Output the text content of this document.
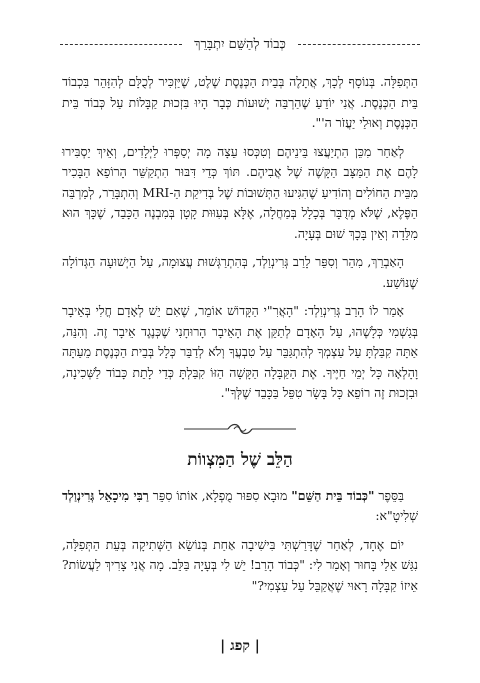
כְּבוֹד לְהַשֵּׁם יִתְבָּרֵךְ

הַתְּפִלָּה. בְּנוֹסָף לְכָךְ, אֲתָלֶה בְּבֵית הַכְּנֶסֶת שֶׁלֶט, שֶׁיַּזְכִּיר לְכֻלָּם לְהִזָּהֵר בִּכְבוֹד בֵּית הַכְּנֶסֶת. אֲנִי יוֹדֵעַ שֶׁהַרְבֵּה יְשׁוּעוֹת כְּבָר הָיוּ בִּזְכוּת קַבָּלוֹת עַל כְּבוֹד בֵּית הַכְּנֶסֶת וְאוּלַי יַעֲזֹר ה'".

לְאַחַר מִכֵּן הִתְיַעֲצוּ בֵּינֵיהֶם וְטִכְּסוּ עֵצָה מָה יְסַפְּרוּ לַיְּלָדִים, וְאֵיךְ יַסְבִּירוּ לָהֶם אֶת הַמַּצָּב הַקָּשֶׁה שֶׁל אֲבִיהֶם. תּוֹךְ כְּדֵי דִּבּוּר הִתְקַשֵּׁר הָרוֹפֵא הַבָּכִיר מִבֵּית הַחוֹלִים וְהוֹדִיעַ שֶׁהִגִּיעוּ הַתְּשׁוּבוֹת שֶׁל בְּדִיקַת הַ-MRI וְהִתְבָּרֵר, לְמַרְבֵּה הַפֶּלֶא, שֶׁלֹּא מְדֻבָּר בְּכָלָל בְּמַחֲלָה, אֶלָּא בְּעִוּוּת קָטָן בְּמִבְנֶה הַכָּבֵד, שֶׁכָּךְ הוּא מִלֵּדָה וְאֵין בָּכָךְ שׁוּם בְּעָיָה.

הָאַבְרֵךְ, מִהֵר וְסִפֵּר לָרַב גְּרִינְוַלְד, בְּהִתְרַגְּשׁוּת עֲצוּמָה, עַל הַיְשׁוּעָה הַגְּדוֹלָה שֶׁנּוֹשַׁע.

אָמַר לוֹ הָרַב גְּרִינְוַלְד: "הָאֲרִ"י הַקָּדוֹשׁ אוֹמֵר, שֶׁאִם יֵשׁ לְאָדָם חֳלִי בְּאֵיבָר בְּגַשְׁמִי כְּלָשֶׁהוּ, עַל הָאָדָם לְתַקֵּן אֶת הָאֵיבָר הָרוּחָנִי שֶׁכְּנֶגֶד אֵיבָר זֶה. וְהִנֵּה, אַתָּה קִבַּלְתָּ עַל עַצְמְךָ לְהִתְגַּבֵּר עַל טִבְעֲךָ וְלֹא לְדַבֵּר כְּלָל בְּבֵית הַכְּנֶסֶת מֵעַתָּה וָהָלְאָה כָּל יְמֵי חַיֶּיךָ. אֶת הַקַּבָּלָה הַקָּשָׁה הַזּוֹ קִבַּלְתָּ כְּדֵי לָתֵת כָּבוֹד לַשְּׁכִינָה, וּבִזְכוּת זֶה רוֹפֵא כָּל בָּשָׂר טִפֵּל בַּכָּבֵד שֶׁלְּךָ".

הַלֵּב שֶׁל הַמִּצְווֹת

בַּסֵּפֶר "כְּבוֹד בֵּית הַשֵּׁם" מוּבָא סִפּוּר מֻפְלָא, אוֹתוֹ סִפֵּר רַבִּי מִיכָאֵל גְּרִינְוַלְד שְׁלִיטָ"א:

יוֹם אֶחָד, לְאַחַר שֶׁדָּרַשְׁתִּי בִּישִׁיבָה אַחַת בְּנוֹשֵׂא הַשְּׁתִיקָה בְּעֵת הַתְּפִלָּה, נִגַּשׁ אֵלַי בָּחוּר וְאָמַר לִי: "כְּבוֹד הָרַב! יֵשׁ לִי בְּעָיָה בַּלֵּב. מָה אֲנִי צָרִיךְ לַעֲשׂוֹת? אֵיזוֹ קַבָּלָה רָאוּי שֶׁאֲקַבֵּל עַל עַצְמִי?"

| קפג |
